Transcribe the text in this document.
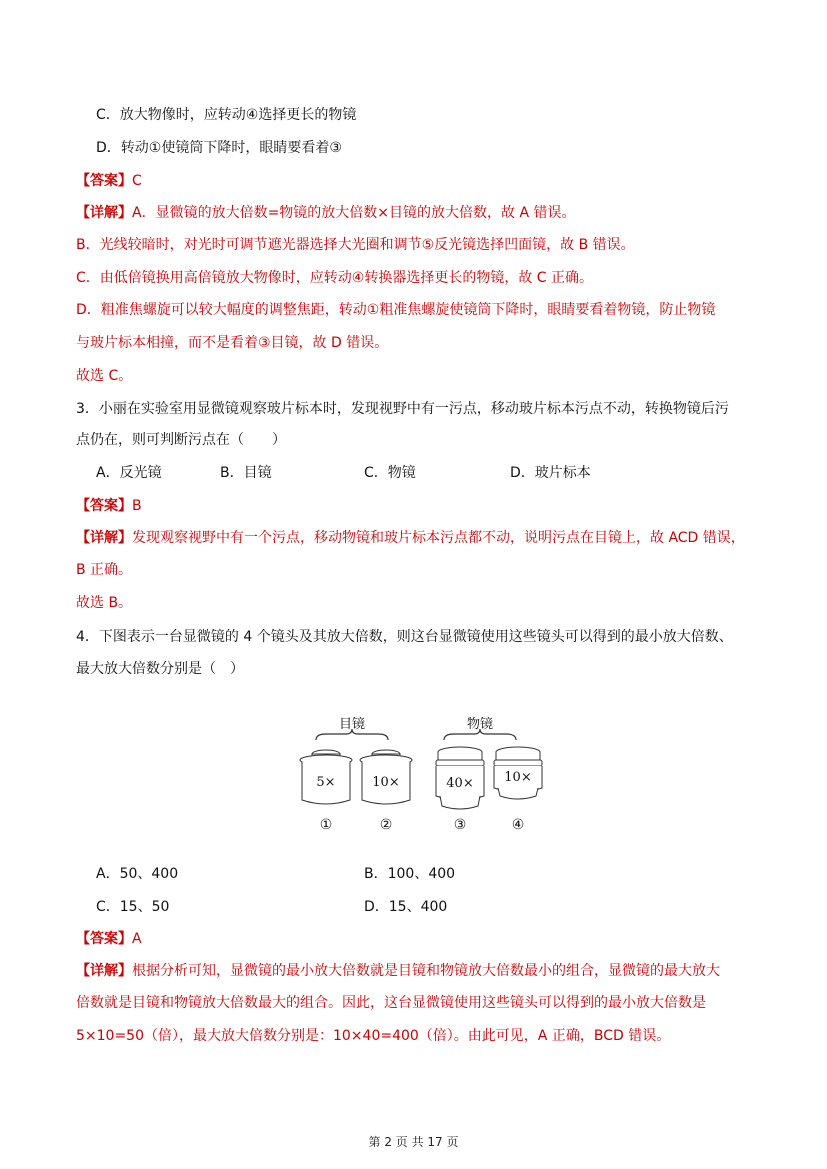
C．放大物像时，应转动④选择更长的物镜
D．转动①使镜筒下降时，眼睛要看着③
【答案】C
【详解】A．显微镜的放大倍数=物镜的放大倍数×目镜的放大倍数，故 A 错误。
B．光线较暗时，对光时可调节遮光器选择大光圈和调节⑤反光镜选择凹面镜，故 B 错误。
C．由低倍镜换用高倍镜放大物像时，应转动④转换器选择更长的物镜，故 C 正确。
D．粗准焦螺旋可以较大幅度的调整焦距，转动①粗准焦螺旋使镜筒下降时，眼睛要看着物镜，防止物镜
与玻片标本相撞，而不是看着③目镜，故 D 错误。
故选 C。
3．小丽在实验室用显微镜观察玻片标本时，发现视野中有一污点，移动玻片标本污点不动，转换物镜后污
点仍在，则可判断污点在（　　）
A．反光镜	B．目镜	C．物镜	D．玻片标本
【答案】B
【详解】发现观察视野中有一个污点，移动物镜和玻片标本污点都不动，说明污点在目镜上，故 ACD 错误，
B 正确。
故选 B。
4．下图表示一台显微镜的 4 个镜头及其放大倍数，则这台显微镜使用这些镜头可以得到的最小放大倍数、
最大放大倍数分别是（　）
目镜	物镜
5×	10×	40× 10×
①	②	③	④
A．50、400	B．100、400
C．15、50	D．15、400
【答案】A
【详解】根据分析可知，显微镜的最小放大倍数就是目镜和物镜放大倍数最小的组合，显微镜的最大放大
倍数就是目镜和物镜放大倍数最大的组合。因此，这台显微镜使用这些镜头可以得到的最小放大倍数是
5×10=50（倍），最大放大倍数分别是：10×40=400（倍）。由此可见，A 正确，BCD 错误。
第 2 页 共 17 页
